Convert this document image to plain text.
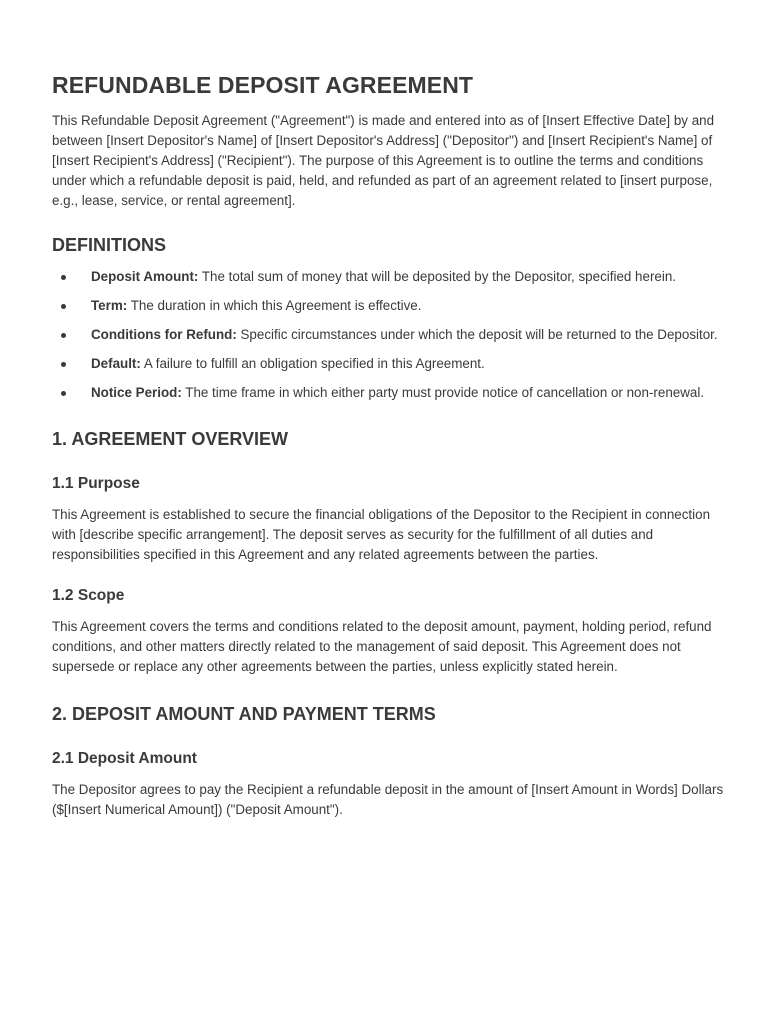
REFUNDABLE DEPOSIT AGREEMENT

This Refundable Deposit Agreement ("Agreement") is made and entered into as of [Insert Effective Date] by and between [Insert Depositor's Name] of [Insert Depositor's Address] ("Depositor") and [Insert Recipient's Name] of [Insert Recipient's Address] ("Recipient"). The purpose of this Agreement is to outline the terms and conditions under which a refundable deposit is paid, held, and refunded as part of an agreement related to [insert purpose, e.g., lease, service, or rental agreement].

DEFINITIONS
Deposit Amount: The total sum of money that will be deposited by the Depositor, specified herein.
Term: The duration in which this Agreement is effective.
Conditions for Refund: Specific circumstances under which the deposit will be returned to the Depositor.
Default: A failure to fulfill an obligation specified in this Agreement.
Notice Period: The time frame in which either party must provide notice of cancellation or non-renewal.
1. AGREEMENT OVERVIEW
1.1 Purpose

This Agreement is established to secure the financial obligations of the Depositor to the Recipient in connection with [describe specific arrangement]. The deposit serves as security for the fulfillment of all duties and responsibilities specified in this Agreement and any related agreements between the parties.

1.2 Scope

This Agreement covers the terms and conditions related to the deposit amount, payment, holding period, refund conditions, and other matters directly related to the management of said deposit. This Agreement does not supersede or replace any other agreements between the parties, unless explicitly stated herein.

2. DEPOSIT AMOUNT AND PAYMENT TERMS
2.1 Deposit Amount

The Depositor agrees to pay the Recipient a refundable deposit in the amount of [Insert Amount in Words] Dollars ($[Insert Numerical Amount]) ("Deposit Amount").
